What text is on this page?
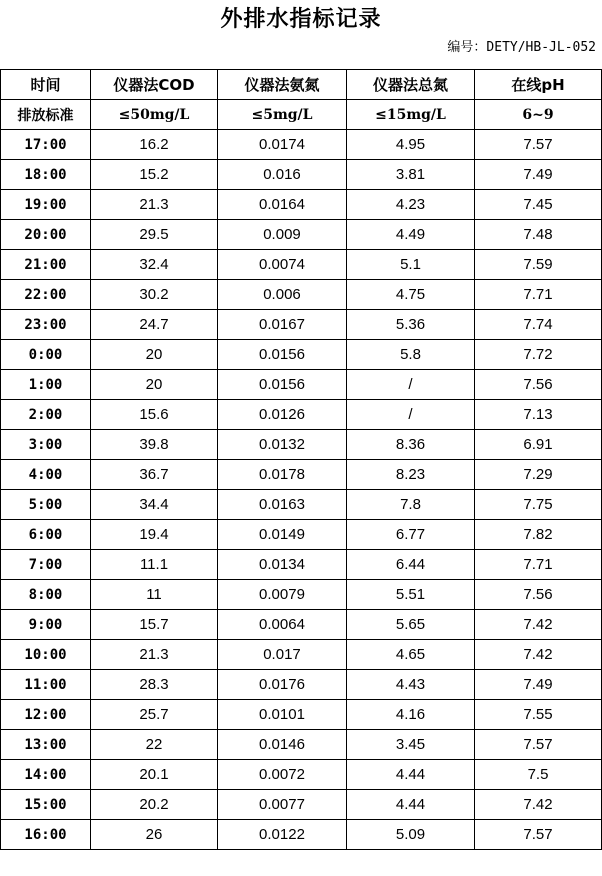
外排水指标记录
编号：DETY/HB-JL-052
时间	仪器法COD	仪器法氨氮	仪器法总氮	在线pH
排放标准	≤50mg/L	≤5mg/L	≤15mg/L	6~9
17:00	16.2	0.0174	4.95	7.57
18:00	15.2	0.016	3.81	7.49
19:00	21.3	0.0164	4.23	7.45
20:00	29.5	0.009	4.49	7.48
21:00	32.4	0.0074	5.1	7.59
22:00	30.2	0.006	4.75	7.71
23:00	24.7	0.0167	5.36	7.74
0:00	20	0.0156	5.8	7.72
1:00	20	0.0156	/	7.56
2:00	15.6	0.0126	/	7.13
3:00	39.8	0.0132	8.36	6.91
4:00	36.7	0.0178	8.23	7.29
5:00	34.4	0.0163	7.8	7.75
6:00	19.4	0.0149	6.77	7.82
7:00	11.1	0.0134	6.44	7.71
8:00	11	0.0079	5.51	7.56
9:00	15.7	0.0064	5.65	7.42
10:00	21.3	0.017	4.65	7.42
11:00	28.3	0.0176	4.43	7.49
12:00	25.7	0.0101	4.16	7.55
13:00	22	0.0146	3.45	7.57
14:00	20.1	0.0072	4.44	7.5
15:00	20.2	0.0077	4.44	7.42
16:00	26	0.0122	5.09	7.57
